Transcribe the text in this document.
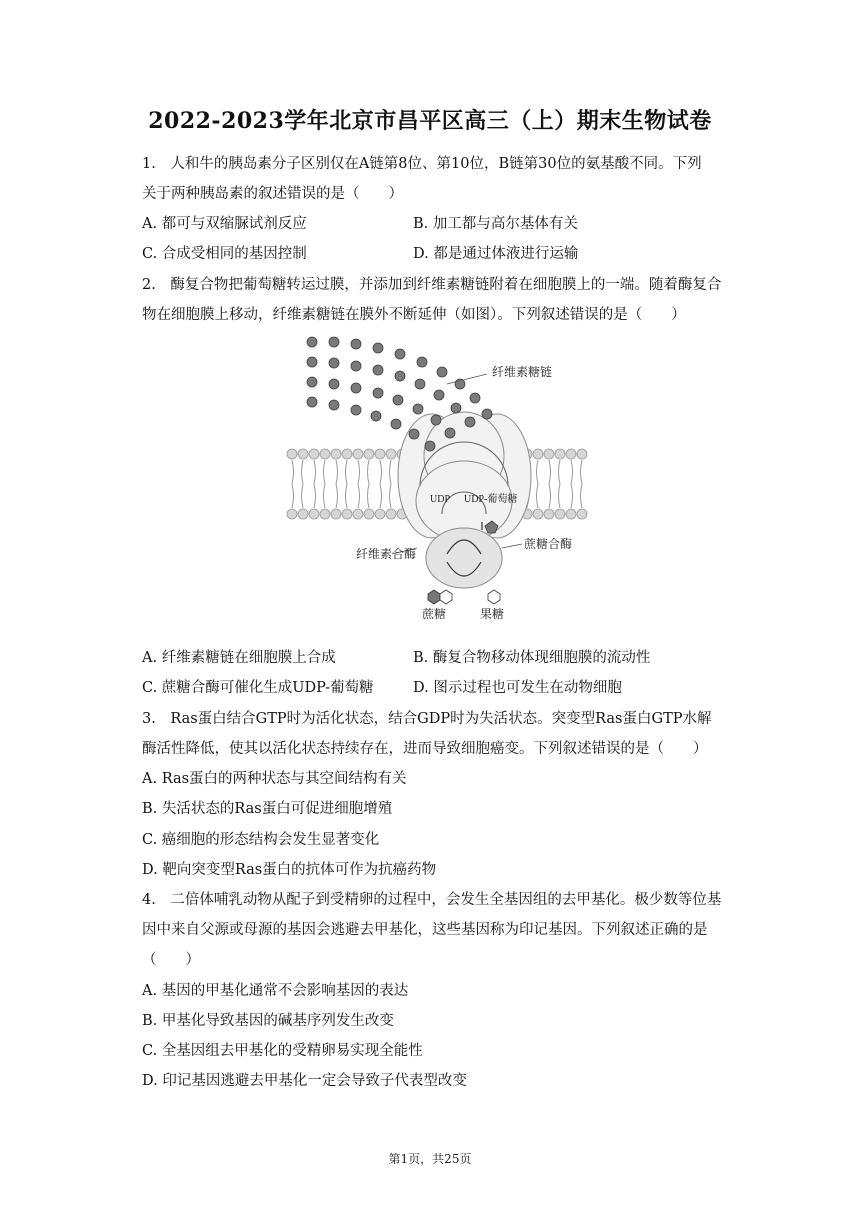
2022-2023学年北京市昌平区高三（上）期末生物试卷
1.　人和牛的胰岛素分子区别仅在A链第8位、第10位，B链第30位的氨基酸不同。下列
关于两种胰岛素的叙述错误的是（　　）
A. 都可与双缩脲试剂反应	B. 加工都与高尔基体有关
C. 合成受相同的基因控制	D. 都是通过体液进行运输
2.　酶复合物把葡萄糖转运过膜，并添加到纤维素糖链附着在细胞膜上的一端。随着酶复合
物在细胞膜上移动，纤维素糖链在膜外不断延伸（如图）。下列叙述错误的是（　　）
纤维素糖链
UDP UDP-葡萄糖
纤维素合酶
蔗糖合酶
蔗糖	果糖
A. 纤维素糖链在细胞膜上合成	B. 酶复合物移动体现细胞膜的流动性
C. 蔗糖合酶可催化生成UDP-葡萄糖	D. 图示过程也可发生在动物细胞
3.　Ras蛋白结合GTP时为活化状态，结合GDP时为失活状态。突变型Ras蛋白GTP水解
酶活性降低，使其以活化状态持续存在，进而导致细胞癌变。下列叙述错误的是（　　）
A. Ras蛋白的两种状态与其空间结构有关
B. 失活状态的Ras蛋白可促进细胞增殖
C. 癌细胞的形态结构会发生显著变化
D. 靶向突变型Ras蛋白的抗体可作为抗癌药物
4.　二倍体哺乳动物从配子到受精卵的过程中，会发生全基因组的去甲基化。极少数等位基
因中来自父源或母源的基因会逃避去甲基化，这些基因称为印记基因。下列叙述正确的是
（　　）
A. 基因的甲基化通常不会影响基因的表达
B. 甲基化导致基因的碱基序列发生改变
C. 全基因组去甲基化的受精卵易实现全能性
D. 印记基因逃避去甲基化一定会导致子代表型改变
第1页，共25页
